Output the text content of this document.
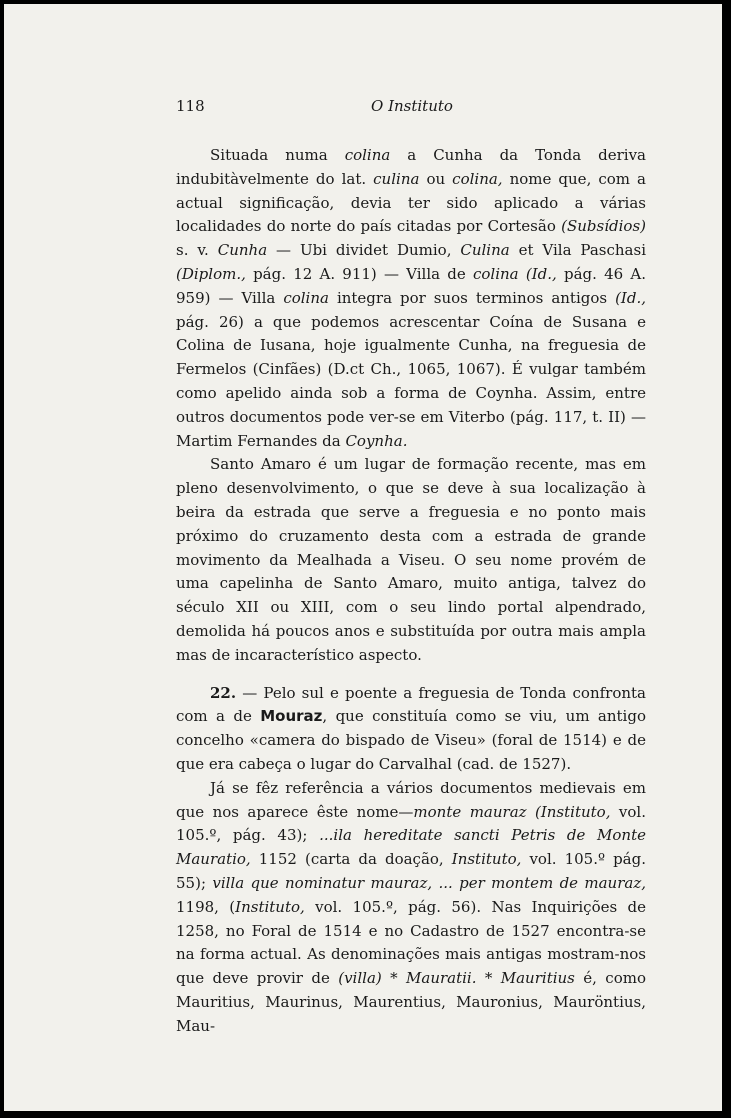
118	O Instituto

Situada numa colina a Cunha da Tonda deriva indubitàvelmente do lat. culina ou colina, nome que, com a actual significação, devia ter sido aplicado a várias localidades do norte do país citadas por Cortesão (Subsídios) s. v. Cunha — Ubi dividet Dumio, Culina et Vila Paschasi (Diplom., pág. 12 A. 911) — Villa de colina (Id., pág. 46 A. 959) — Villa colina integra por suos terminos antigos (Id., pág. 26) a que podemos acrescentar Coína de Susana e Colina de Iusana, hoje igualmente Cunha, na freguesia de Fermelos (Cinfães) (D.ct Ch., 1065, 1067). É vulgar também como apelido ainda sob a forma de Coynha. Assim, entre outros documentos pode ver-se em Viterbo (pág. 117, t. II) — Martim Fernandes da Coynha.

Santo Amaro é um lugar de formação recente, mas em pleno desenvolvimento, o que se deve à sua localização à beira da estrada que serve a freguesia e no ponto mais próximo do cruzamento desta com a estrada de grande movimento da Mealhada a Viseu. O seu nome provém de uma capelinha de Santo Amaro, muito antiga, talvez do século XII ou XIII, com o seu lindo portal alpendrado, demolida há poucos anos e substituída por outra mais ampla mas de incaracterístico aspecto.

22. — Pelo sul e poente a freguesia de Tonda confronta com a de Mouraz, que constituía como se viu, um antigo concelho «camera do bispado de Viseu» (foral de 1514) e de que era cabeça o lugar do Carvalhal (cad. de 1527).

Já se fêz referência a vários documentos medievais em que nos aparece êste nome—monte mauraz (Instituto, vol. 105.º, pág. 43); ...ila hereditate sancti Petris de Monte Mauratio, 1152 (carta da doação, Instituto, vol. 105.º pág. 55); villa que nominatur mauraz, ... per montem de mauraz, 1198, (Instituto, vol. 105.º, pág. 56). Nas Inquirições de 1258, no Foral de 1514 e no Cadastro de 1527 encontra-se na forma actual. As denominações mais antigas mostram-nos que deve provir de (villa) * Mauratii. * Mauritius é, como Mauritius, Maurinus, Maurentius, Mauronius, Mauröntius, Mau-
